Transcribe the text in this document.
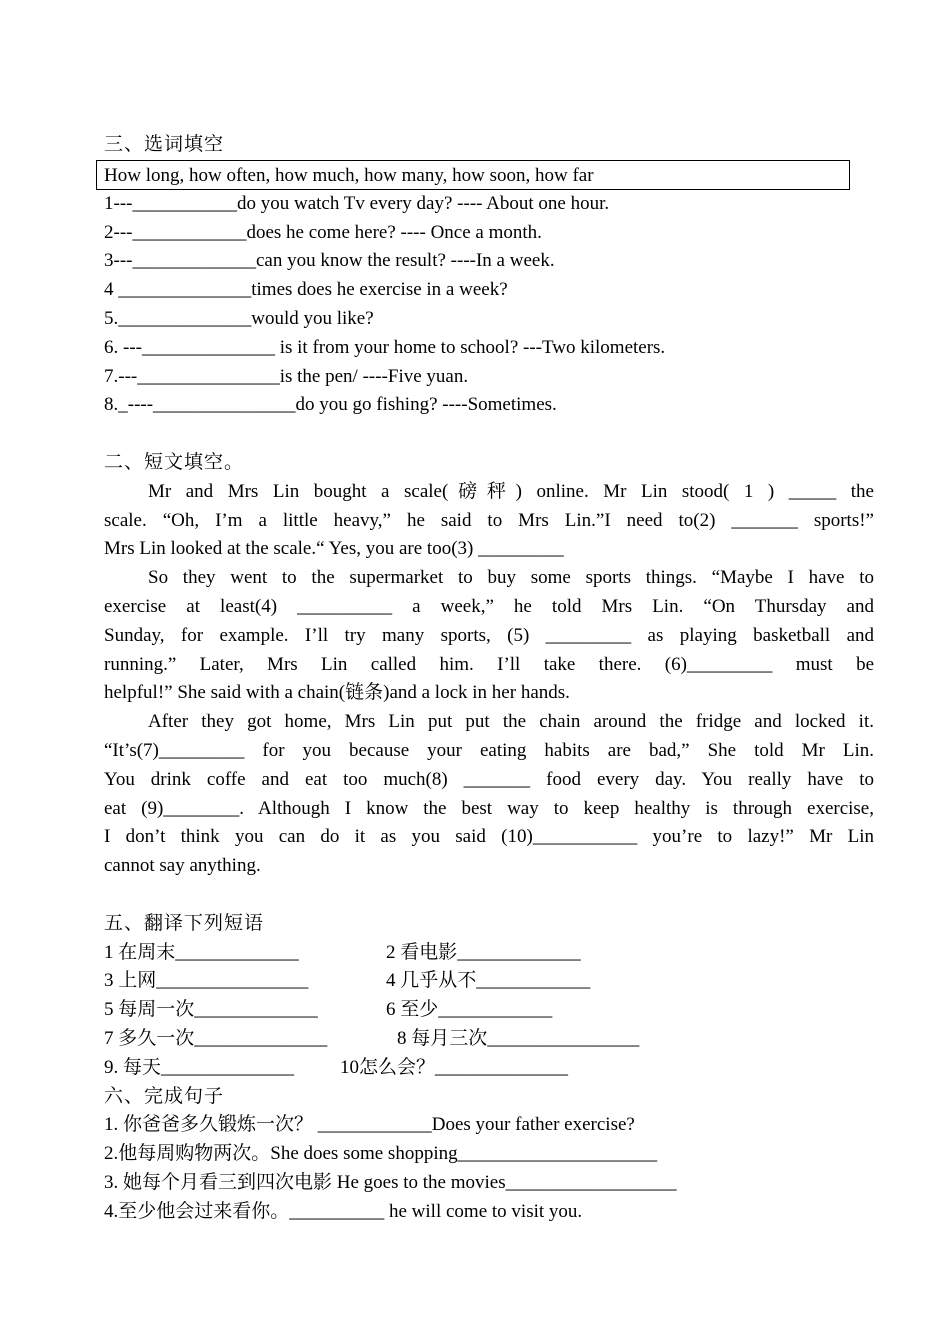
三、选词填空
How long, how often, how much, how many, how soon, how far
1---___________do you watch Tv every day? ---- About one hour.
2---____________does he come here? ---- Once a month.
3---_____________can you know the result? ----In a week.
4 ______________times does he exercise in a week?
5.______________would you like?
6. ---______________ is it from your home to school? ---Two kilometers.
7.---_______________is the pen/ ----Five yuan.
8._----_______________do you go fishing? ----Sometimes.
二、短文填空。
Mr and Mrs Lin bought a scale(磅秤) online. Mr Lin stood( 1 ) _____ the
scale. “Oh, I’m a little heavy,” he said to Mrs Lin.”I need to(2) _______ sports!”
Mrs Lin looked at the scale.“ Yes, you are too(3) _________
So they went to the supermarket to buy some sports things. “Maybe I have to
exercise at least(4) __________ a week,” he told Mrs Lin. “On Thursday and
Sunday, for example. I’ll try many sports, (5) _________ as playing basketball and
running.” Later, Mrs Lin called him. I’ll take there. (6)_________ must be
helpful!” She said with a chain(链条)and a lock in her hands.
After they got home, Mrs Lin put put the chain around the fridge and locked it.
“It’s(7)_________ for you because your eating habits are bad,” She told Mr Lin.
You drink coffe and eat too much(8) _______ food every day. You really have to
eat (9)________. Although I know the best way to keep healthy is through exercise,
I don’t think you can do it as you said (10)___________ you’re to lazy!” Mr Lin
cannot say anything.
五、翻译下列短语
1 在周末_____________	2 看电影_____________
3 上网________________	4 几乎从不____________
5 每周一次_____________	6 至少____________
7 多久一次______________	8 每月三次________________
9. 每天______________ 10怎么会？______________
六、完成句子
1. 你爸爸多久锻炼一次？ ____________Does your father exercise?
2.他每周购物两次。She does some shopping_____________________
3. 她每个月看三到四次电影 He goes to the movies__________________
4.至少他会过来看你。__________ he will come to visit you.
